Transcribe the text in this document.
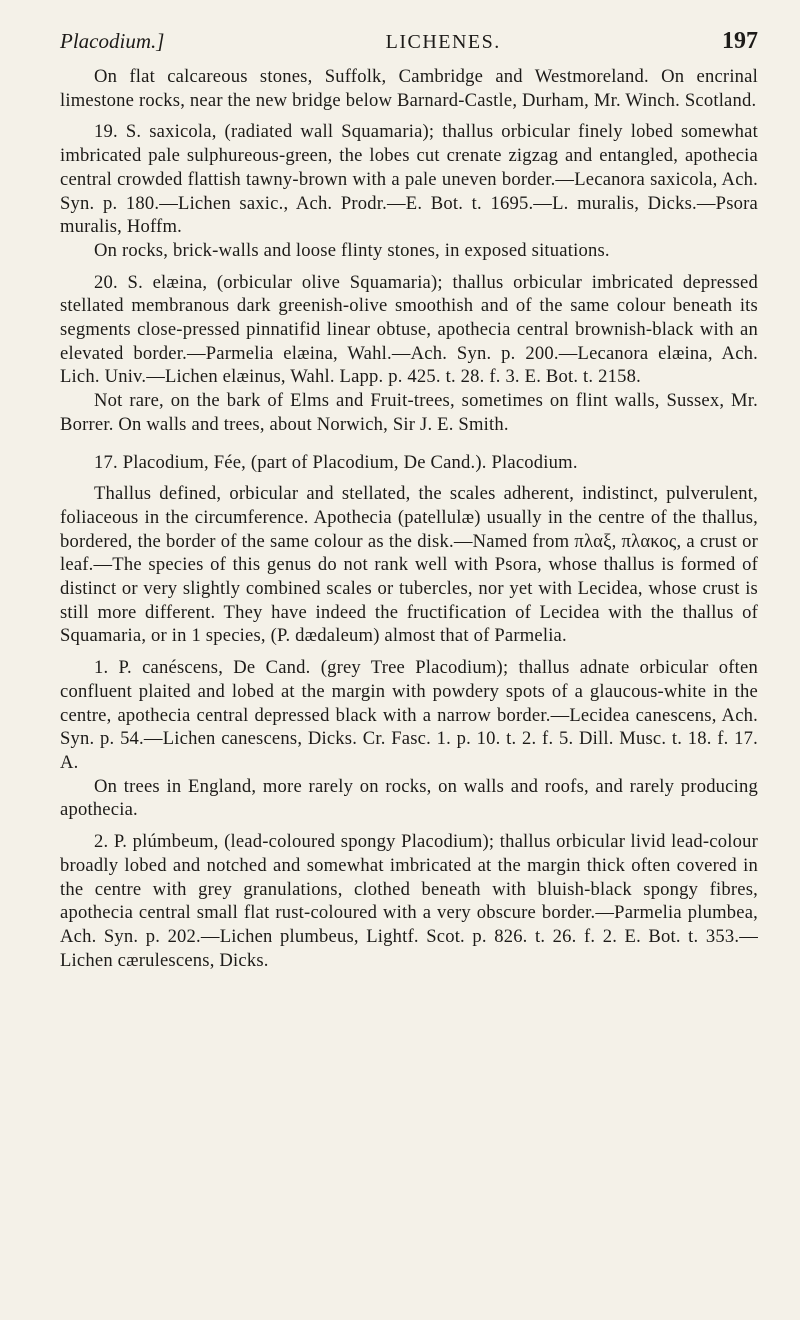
Placodium.]	LICHENES.	197

On flat calcareous stones, Suffolk, Cambridge and Westmoreland. On encrinal limestone rocks, near the new bridge below Barnard-Castle, Durham, Mr. Winch. Scotland.

19. S. saxicola, (radiated wall Squamaria); thallus orbicular finely lobed somewhat imbricated pale sulphureous-green, the lobes cut crenate zigzag and entangled, apothecia central crowded flattish tawny-brown with a pale uneven border.—Lecanora saxicola, Ach. Syn. p. 180.—Lichen saxic., Ach. Prodr.—E. Bot. t. 1695.—L. muralis, Dicks.—Psora muralis, Hoffm.

On rocks, brick-walls and loose flinty stones, in exposed situations.

20. S. elæina, (orbicular olive Squamaria); thallus orbicular imbricated depressed stellated membranous dark greenish-olive smoothish and of the same colour beneath its segments close-pressed pinnatifid linear obtuse, apothecia central brownish-black with an elevated border.—Parmelia elæina, Wahl.—Ach. Syn. p. 200.—Lecanora elæina, Ach. Lich. Univ.—Lichen elæinus, Wahl. Lapp. p. 425. t. 28. f. 3. E. Bot. t. 2158.

Not rare, on the bark of Elms and Fruit-trees, sometimes on flint walls, Sussex, Mr. Borrer. On walls and trees, about Norwich, Sir J. E. Smith.

17. Placodium, Fée, (part of Placodium, De Cand.). Placodium.

Thallus defined, orbicular and stellated, the scales adherent, indistinct, pulverulent, foliaceous in the circumference. Apothecia (patellulæ) usually in the centre of the thallus, bordered, the border of the same colour as the disk.—Named from πλαξ, πλακος, a crust or leaf.—The species of this genus do not rank well with Psora, whose thallus is formed of distinct or very slightly combined scales or tubercles, nor yet with Lecidea, whose crust is still more different. They have indeed the fructification of Lecidea with the thallus of Squamaria, or in 1 species, (P. dædaleum) almost that of Parmelia.

1. P. canéscens, De Cand. (grey Tree Placodium); thallus adnate orbicular often confluent plaited and lobed at the margin with powdery spots of a glaucous-white in the centre, apothecia central depressed black with a narrow border.—Lecidea canescens, Ach. Syn. p. 54.—Lichen canescens, Dicks. Cr. Fasc. 1. p. 10. t. 2. f. 5. Dill. Musc. t. 18. f. 17. A.

On trees in England, more rarely on rocks, on walls and roofs, and rarely producing apothecia.

2. P. plúmbeum, (lead-coloured spongy Placodium); thallus orbicular livid lead-colour broadly lobed and notched and somewhat imbricated at the margin thick often covered in the centre with grey granulations, clothed beneath with bluish-black spongy fibres, apothecia central small flat rust-coloured with a very obscure border.—Parmelia plumbea, Ach. Syn. p. 202.—Lichen plumbeus, Lightf. Scot. p. 826. t. 26. f. 2. E. Bot. t. 353.—Lichen cærulescens, Dicks.
